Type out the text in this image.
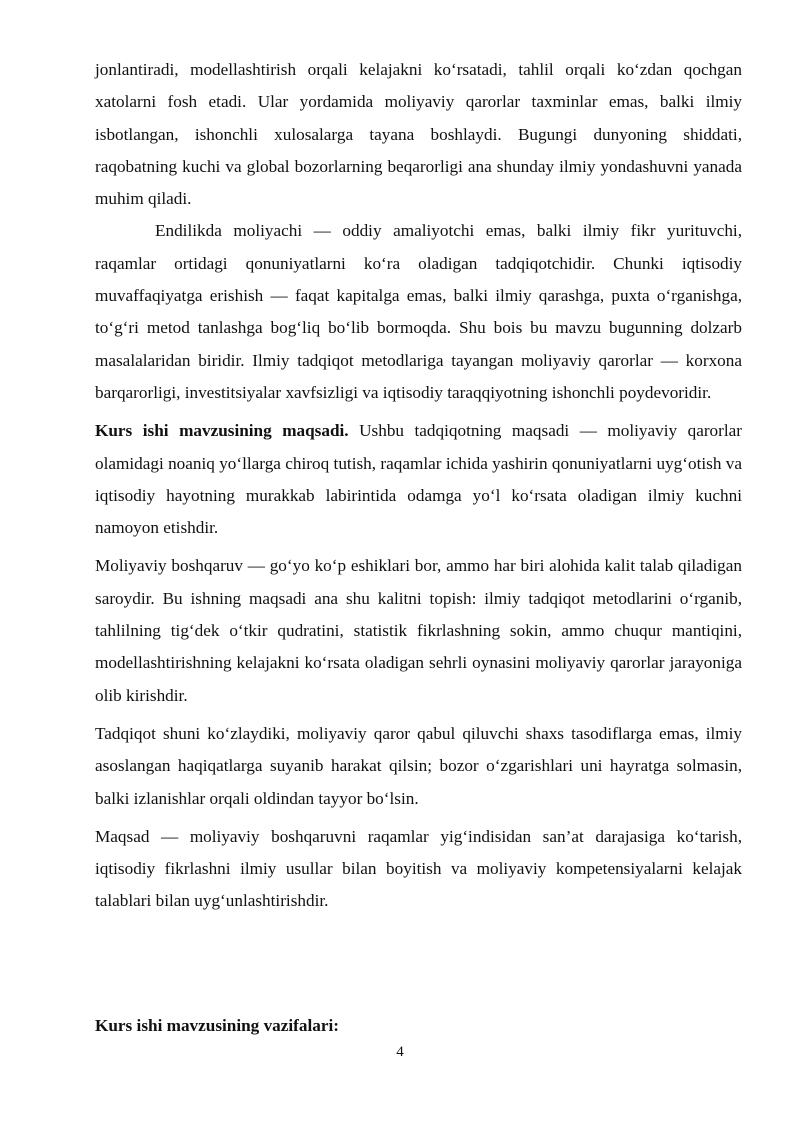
jonlantiradi, modellashtirish orqali kelajakni ko‘rsatadi, tahlil orqali ko‘zdan qochgan xatolarni fosh etadi. Ular yordamida moliyaviy qarorlar taxminlar emas, balki ilmiy isbotlangan, ishonchli xulosalarga tayana boshlaydi. Bugungi dunyoning shiddati, raqobatning kuchi va global bozorlarning beqarorligi ana shunday ilmiy yondashuvni yanada muhim qiladi.

Endilikda moliyachi — oddiy amaliyotchi emas, balki ilmiy fikr yurituvchi, raqamlar ortidagi qonuniyatlarni ko‘ra oladigan tadqiqotchidir. Chunki iqtisodiy muvaffaqiyatga erishish — faqat kapitalga emas, balki ilmiy qarashga, puxta o‘rganishga, to‘g‘ri metod tanlashga bog‘liq bo‘lib bormoqda. Shu bois bu mavzu bugunning dolzarb masalalaridan biridir. Ilmiy tadqiqot metodlariga tayangan moliyaviy qarorlar — korxona barqarorligi, investitsiyalar xavfsizligi va iqtisodiy taraqqiyotning ishonchli poydevoridir.

Kurs ishi mavzusining maqsadi. Ushbu tadqiqotning maqsadi — moliyaviy qarorlar olamidagi noaniq yo‘llarga chiroq tutish, raqamlar ichida yashirin qonuniyatlarni uyg‘otish va iqtisodiy hayotning murakkab labirintida odamga yo‘l ko‘rsata oladigan ilmiy kuchni namoyon etishdir.

Moliyaviy boshqaruv — go‘yo ko‘p eshiklari bor, ammo har biri alohida kalit talab qiladigan saroydir. Bu ishning maqsadi ana shu kalitni topish: ilmiy tadqiqot metodlarini o‘rganib, tahlilning tig‘dek o‘tkir qudratini, statistik fikrlashning sokin, ammo chuqur mantiqini, modellashtirishning kelajakni ko‘rsata oladigan sehrli oynasini moliyaviy qarorlar jarayoniga olib kirishdir.

Tadqiqot shuni ko‘zlaydiki, moliyaviy qaror qabul qiluvchi shaxs tasodiflarga emas, ilmiy asoslangan haqiqatlarga suyanib harakat qilsin; bozor o‘zgarishlari uni hayratga solmasin, balki izlanishlar orqali oldindan tayyor bo‘lsin.

Maqsad — moliyaviy boshqaruvni raqamlar yig‘indisidan san’at darajasiga ko‘tarish, iqtisodiy fikrlashni ilmiy usullar bilan boyitish va moliyaviy kompetensiyalarni kelajak talablari bilan uyg‘unlashtirishdir.

Kurs ishi mavzusining vazifalari:

4
